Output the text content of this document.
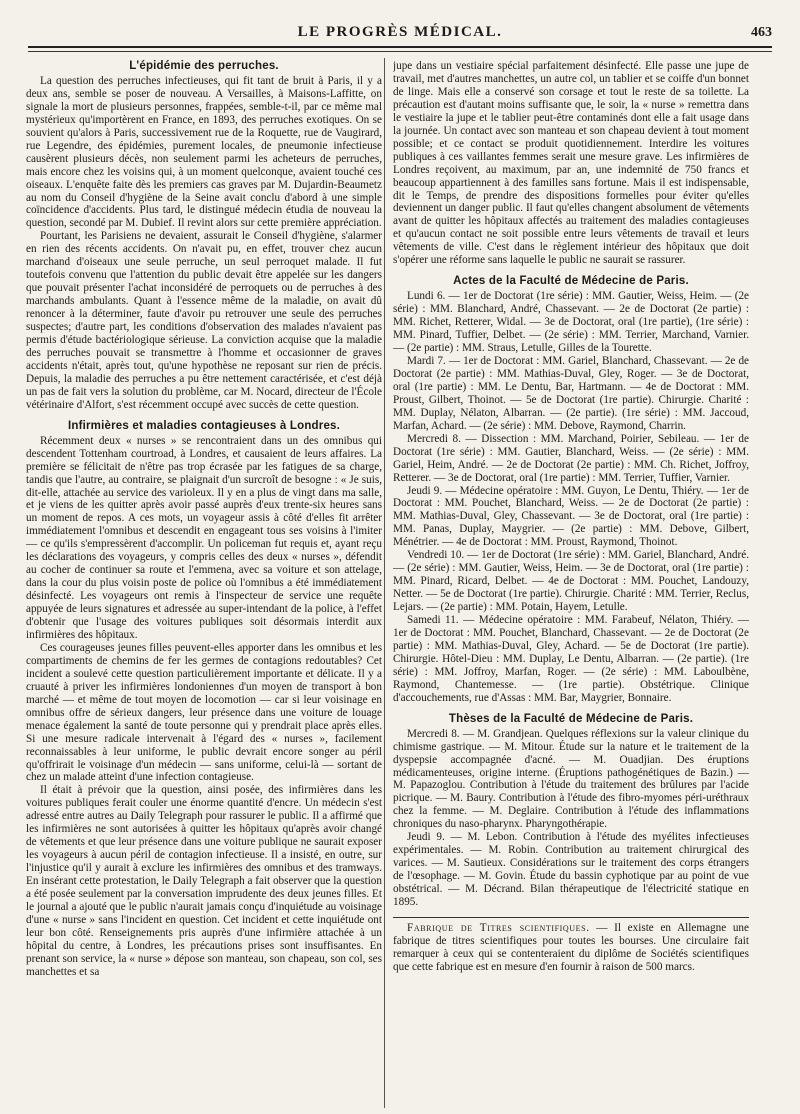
LE PROGRÈS MÉDICAL.	463
L'épidémie des perruches.

La question des perruches infectieuses, qui fit tant de bruit à Paris, il y a deux ans, semble se poser de nouveau. A Versailles, à Maisons-Laffitte, on signale la mort de plusieurs personnes, frappées, semble-t-il, par ce même mal mystérieux qu'importèrent en France, en 1893, des perruches exotiques. On se souvient qu'alors à Paris, successivement rue de la Roquette, rue de Vaugirard, rue Legendre, des épidémies, purement locales, de pneumonie infectieuse causèrent plusieurs décès, non seulement parmi les acheteurs de perruches, mais encore chez les voisins qui, à un moment quelconque, avaient touché ces oiseaux. L'enquête faite dès les premiers cas graves par M. Dujardin-Beaumetz au nom du Conseil d'hygiène de la Seine avait conclu d'abord à une simple coïncidence d'accidents. Plus tard, le distingué médecin étudia de nouveau la question, secondé par M. Dubief. Il revint alors sur cette première appréciation.

Pourtant, les Parisiens ne devaient, assurait le Conseil d'hygiène, s'alarmer en rien des récents accidents. On n'avait pu, en effet, trouver chez aucun marchand d'oiseaux une seule perruche, un seul perroquet malade. Il fut toutefois convenu que l'attention du public devait être appelée sur les dangers que pouvait présenter l'achat inconsidéré de perroquets ou de perruches à des marchands ambulants. Quant à l'essence même de la maladie, on avait dû renoncer à la déterminer, faute d'avoir pu retrouver une seule des perruches suspectes; d'autre part, les conditions d'observation des malades n'avaient pas permis d'étude bactériologique sérieuse. La conviction acquise que la maladie des perruches pouvait se transmettre à l'homme et occasionner de graves accidents n'était, après tout, qu'une hypothèse ne reposant sur rien de précis. Depuis, la maladie des perruches a pu être nettement caractérisée, et c'est déjà un pas de fait vers la solution du problème, car M. Nocard, directeur de l'École vétérinaire d'Alfort, s'est récemment occupé avec succès de cette question.

Infirmières et maladies contagieuses à Londres.

Récemment deux « nurses » se rencontraient dans un des omnibus qui descendent Tottenham courtroad, à Londres, et causaient de leurs affaires. La première se félicitait de n'être pas trop écrasée par les fatigues de sa charge, tandis que l'autre, au contraire, se plaignait d'un surcroît de besogne : « Je suis, dit-elle, attachée au service des varioleux. Il y en a plus de vingt dans ma salle, et je viens de les quitter après avoir passé auprès d'eux trente-six heures sans un moment de repos. A ces mots, un voyageur assis à côté d'elles fit arrêter immédiatement l'omnibus et descendit en engageant tous ses voisins à l'imiter — ce qu'ils s'empressèrent d'accomplir. Un policeman fut requis et, ayant reçu les déclarations des voyageurs, y compris celles des deux « nurses », défendit au cocher de continuer sa route et l'emmena, avec sa voiture et son attelage, dans la cour du plus voisin poste de police où l'omnibus a été immédiatement désinfecté. Les voyageurs ont remis à l'inspecteur de service une requête appuyée de leurs signatures et adressée au super-intendant de la police, à l'effet d'obtenir que l'usage des voitures publiques soit désormais interdit aux infirmières des hôpitaux.

Ces courageuses jeunes filles peuvent-elles apporter dans les omnibus et les compartiments de chemins de fer les germes de contagions redoutables? Cet incident a soulevé cette question particulièrement importante et délicate. Il y a cruauté à priver les infirmières londoniennes d'un moyen de transport à bon marché — et même de tout moyen de locomotion — car si leur voisinage en omnibus offre de sérieux dangers, leur présence dans une voiture de louage menace également la santé de toute personne qui y prendrait place après elles. Si une mesure radicale intervenait à l'égard des « nurses », facilement reconnaissables à leur uniforme, le public devrait encore songer au péril qu'offrirait le voisinage d'un médecin — sans uniforme, celui-là — sortant de chez un malade atteint d'une infection contagieuse.

Il était à prévoir que la question, ainsi posée, des infirmières dans les voitures publiques ferait couler une énorme quantité d'encre. Un médecin s'est adressé entre autres au Daily Telegraph pour rassurer le public. Il a affirmé que les infirmières ne sont autorisées à quitter les hôpitaux qu'après avoir changé de vêtements et que leur présence dans une voiture publique ne saurait exposer les voyageurs à aucun péril de contagion infectieuse. Il a insisté, en outre, sur l'injustice qu'il y aurait à exclure les infirmières des omnibus et des tramways. En insérant cette protestation, le Daily Telegraph a fait observer que la question a été posée seulement par la conversation imprudente des deux jeunes filles. Et le journal a ajouté que le public n'aurait jamais conçu d'inquiétude au voisinage d'une « nurse » sans l'incident en question. Cet incident et cette inquiétude ont leur bon côté. Renseignements pris auprès d'une infirmière attachée à un hôpital du centre, à Londres, les précautions prises sont insuffisantes. En prenant son service, la « nurse » dépose son manteau, son chapeau, son col, ses manchettes et sa

jupe dans un vestiaire spécial parfaitement désinfecté. Elle passe une jupe de travail, met d'autres manchettes, un autre col, un tablier et se coiffe d'un bonnet de linge. Mais elle a conservé son corsage et tout le reste de sa toilette. La précaution est d'autant moins suffisante que, le soir, la « nurse » remettra dans le vestiaire la jupe et le tablier peut-être contaminés dont elle a fait usage dans la journée. Un contact avec son manteau et son chapeau devient à tout moment possible; et ce contact se produit quotidiennement. Interdire les voitures publiques à ces vaillantes femmes serait une mesure grave. Les infirmières de Londres reçoivent, au maximum, par an, une indemnité de 750 francs et beaucoup appartiennent à des familles sans fortune. Mais il est indispensable, dit le Temps, de prendre des dispositions formelles pour éviter qu'elles deviennent un danger public. Il faut qu'elles changent absolument de vêtements avant de quitter les hôpitaux affectés au traitement des maladies contagieuses et qu'aucun contact ne soit possible entre leurs vêtements de travail et leurs vêtements de ville. C'est dans le règlement intérieur des hôpitaux que doit s'opérer une réforme sans laquelle le public ne saurait se rassurer.

Actes de la Faculté de Médecine de Paris.

Lundi 6. — 1er de Doctorat (1re série) : MM. Gautier, Weiss, Heim. — (2e série) : MM. Blanchard, André, Chassevant. — 2e de Doctorat (2e partie) : MM. Richet, Retterer, Widal. — 3e de Doctorat, oral (1re partie), (1re série) : MM. Pinard, Tuffier, Delbet. — (2e série) : MM. Terrier, Marchand, Varnier. — (2e partie) : MM. Straus, Letulle, Gilles de la Tourette.

Mardi 7. — 1er de Doctorat : MM. Gariel, Blanchard, Chassevant. — 2e de Doctorat (2e partie) : MM. Mathias-Duval, Gley, Roger. — 3e de Doctorat, oral (1re partie) : MM. Le Dentu, Bar, Hartmann. — 4e de Doctorat : MM. Proust, Gilbert, Thoinot. — 5e de Doctorat (1re partie). Chirurgie. Charité : MM. Duplay, Nélaton, Albarran. — (2e partie). (1re série) : MM. Jaccoud, Marfan, Achard. — (2e série) : MM. Debove, Raymond, Charrin.

Mercredi 8. — Dissection : MM. Marchand, Poirier, Sebileau. — 1er de Doctorat (1re série) : MM. Gautier, Blanchard, Weiss. — (2e série) : MM. Gariel, Heim, André. — 2e de Doctorat (2e partie) : MM. Ch. Richet, Joffroy, Retterer. — 3e de Doctorat, oral (1re partie) : MM. Terrier, Tuffier, Varnier.

Jeudi 9. — Médecine opératoire : MM. Guyon, Le Dentu, Thiéry. — 1er de Doctorat : MM. Pouchet, Blanchard, Weiss. — 2e de Doctorat (2e partie) : MM. Mathias-Duval, Gley, Chassevant. — 3e de Doctorat, oral (1re partie) : MM. Panas, Duplay, Maygrier. — (2e partie) : MM. Debove, Gilbert, Ménétrier. — 4e de Doctorat : MM. Proust, Raymond, Thoinot.

Vendredi 10. — 1er de Doctorat (1re série) : MM. Gariel, Blanchard, André. — (2e série) : MM. Gautier, Weiss, Heim. — 3e de Doctorat, oral (1re partie) : MM. Pinard, Ricard, Delbet. — 4e de Doctorat : MM. Pouchet, Landouzy, Netter. — 5e de Doctorat (1re partie). Chirurgie. Charité : MM. Terrier, Reclus, Lejars. — (2e partie) : MM. Potain, Hayem, Letulle.

Samedi 11. — Médecine opératoire : MM. Farabeuf, Nélaton, Thiéry. — 1er de Doctorat : MM. Pouchet, Blanchard, Chassevant. — 2e de Doctorat (2e partie) : MM. Mathias-Duval, Gley, Achard. — 5e de Doctorat (1re partie). Chirurgie. Hôtel-Dieu : MM. Duplay, Le Dentu, Albarran. — (2e partie). (1re série) : MM. Joffroy, Marfan, Roger. — (2e série) : MM. Laboulbène, Raymond, Chantemesse. — (1re partie). Obstétrique. Clinique d'accouchements, rue d'Assas : MM. Bar, Maygrier, Bonnaire.

Thèses de la Faculté de Médecine de Paris.

Mercredi 8. — M. Grandjean. Quelques réflexions sur la valeur clinique du chimisme gastrique. — M. Mitour. Étude sur la nature et le traitement de la dyspepsie accompagnée d'acné. — M. Ouadjian. Des éruptions médicamenteuses, origine interne. (Éruptions pathogénétiques de Bazin.) — M. Papazoglou. Contribution à l'étude du traitement des brûlures par l'acide picrique. — M. Baury. Contribution à l'étude des fibro-myomes péri-uréthraux chez la femme. — M. Deglaire. Contribution à l'étude des inflammations chroniques du naso-pharynx. Pharyngothérapie.

Jeudi 9. — M. Lebon. Contribution à l'étude des myélites infectieuses expérimentales. — M. Robin. Contribution au traitement chirurgical des varices. — M. Sautieux. Considérations sur le traitement des corps étrangers de l'œsophage. — M. Govin. Étude du bassin cyphotique par au point de vue obstétrical. — M. Décrand. Bilan thérapeutique de l'électricité statique en 1895.

Fabrique de Titres scientifiques. — Il existe en Allemagne une fabrique de titres scientifiques pour toutes les bourses. Une circulaire fait remarquer à ceux qui se contenteraient du diplôme de Sociétés scientifiques que cette fabrique est en mesure d'en fournir à raison de 500 marcs.
